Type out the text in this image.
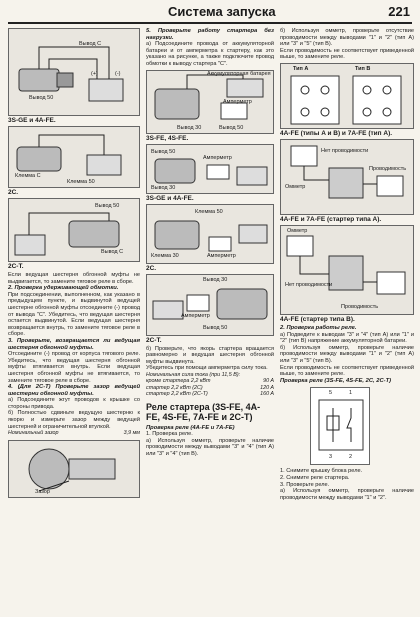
Система запуска	221
Вывод C
Вывод 50
(+)	(-)
3S-GE и 4A-FE.
Клемма C
Клемма 50
2C.
Вывод 50
Вывод C
2C-T.

Если ведущая шестерня обгонной муфты не выдвигается, то замените тяговое реле в сборе.

2. Проверка удерживающей обмотки.

При подсоединении, выполненном, как указано в предыдущем пункте, и выдвинутой ведущей шестерне обгонной муфты отсоедините (-) провод от вывода "C". Убедитесь, что ведущая шестерня остается выдвинутой. Если ведущая шестерня возвращается внутрь, то замените тяговое реле в сборе.

3. Проверьте, возвращается ли ведущая шестерня обгонной муфты.

Отсоедините (-) провод от корпуса тягового реле. Убедитесь, что ведущая шестерня обгонной муфты втягивается внутрь. Если ведущая шестерня обгонной муфты не втягивается, то замените тяговое реле в сборе.

4. (Для 2C-T) Проверьте зазор ведущей шестерни обгонной муфты.

а) Подсоедините жгут проводов к крышке со стороны привода.

б) Полностью сдвиньте ведущую шестерню к якорю и измерьте зазор между ведущей шестерней и ограничительной втулкой.

Номинальный зазор	3,9 мм
Зазор

5. Проверьте работу стартера без нагрузки.

а) Подсоедините провода от аккумуляторной батареи и от амперметра к стартеру, как это указано на рисунке, а также подключите провод обмотки к выводу стартера "C".

Аккумуляторная батарея
Амперметр
Вывод 30	Вывод 50
3S-FE, 4S-FE.
Вывод 50
Вывод 30
Амперметр
3S-GE и 4A-FE.
Клемма 50
Клемма 30	Амперметр
2C.
Вывод 30
Вывод 50
Амперметр
2C-T.

б) Проверьте, что якорь стартера вращается равномерно и ведущая шестерня обгонной муфты выдвинута.

Убедитесь при помощи амперметра силу тока.

Номинальная сила тока (при 11,5 В):
кроме стартера 2,2 кВт	90 A
стартер 2,2 кВт (2C)	120 A
стартер 2,2 кВт (2C-T)	160 A
Реле стартера (3S-FE, 4A-FE, 4S-FE, 7A-FE и 2C-T)

Проверка реле (4A-FE и 7A-FE)

1. Проверка реле.

а) Используя омметр, проверьте наличие проводимости между выводами "3" и "4" (тип A) или "3" и "4" (тип B).

б) Используя омметр, проверьте отсутствие проводимости между выводами "1" и "2" (тип A) или "3" и "5" (тип B).

Если проводимость не соответствует приведенной выше, то замените реле.

Тип A	Тип B
4A-FE (типы A и B) и 7A-FE (тип A).
Нет проводимости
Омметр
Проводимость
4A-FE и 7A-FE (стартер типа A).
Омметр
Нет проводимости
Проводимость
4A-FE (стартер типа B).

2. Проверка работы реле.

а) Подведите к выводам "3" и "4" (тип A) или "1" и "2" (тип B) напряжение аккумуляторной батареи.

б) Используя омметр, проверьте наличие проводимости между выводами "1" и "2" (тип A) или "3" и "5" (тип B).

Если проводимость не соответствует приведенной выше, то замените реле.

Проверка реле (3S-FE, 4S-FE, 2C, 2C-T)

5	1
3	2

1. Снимите крышку блока реле.

2. Снимите реле стартера.

3. Проверьте реле.

а) Используя омметр, проверьте наличие проводимости между выводами "1" и "2".
